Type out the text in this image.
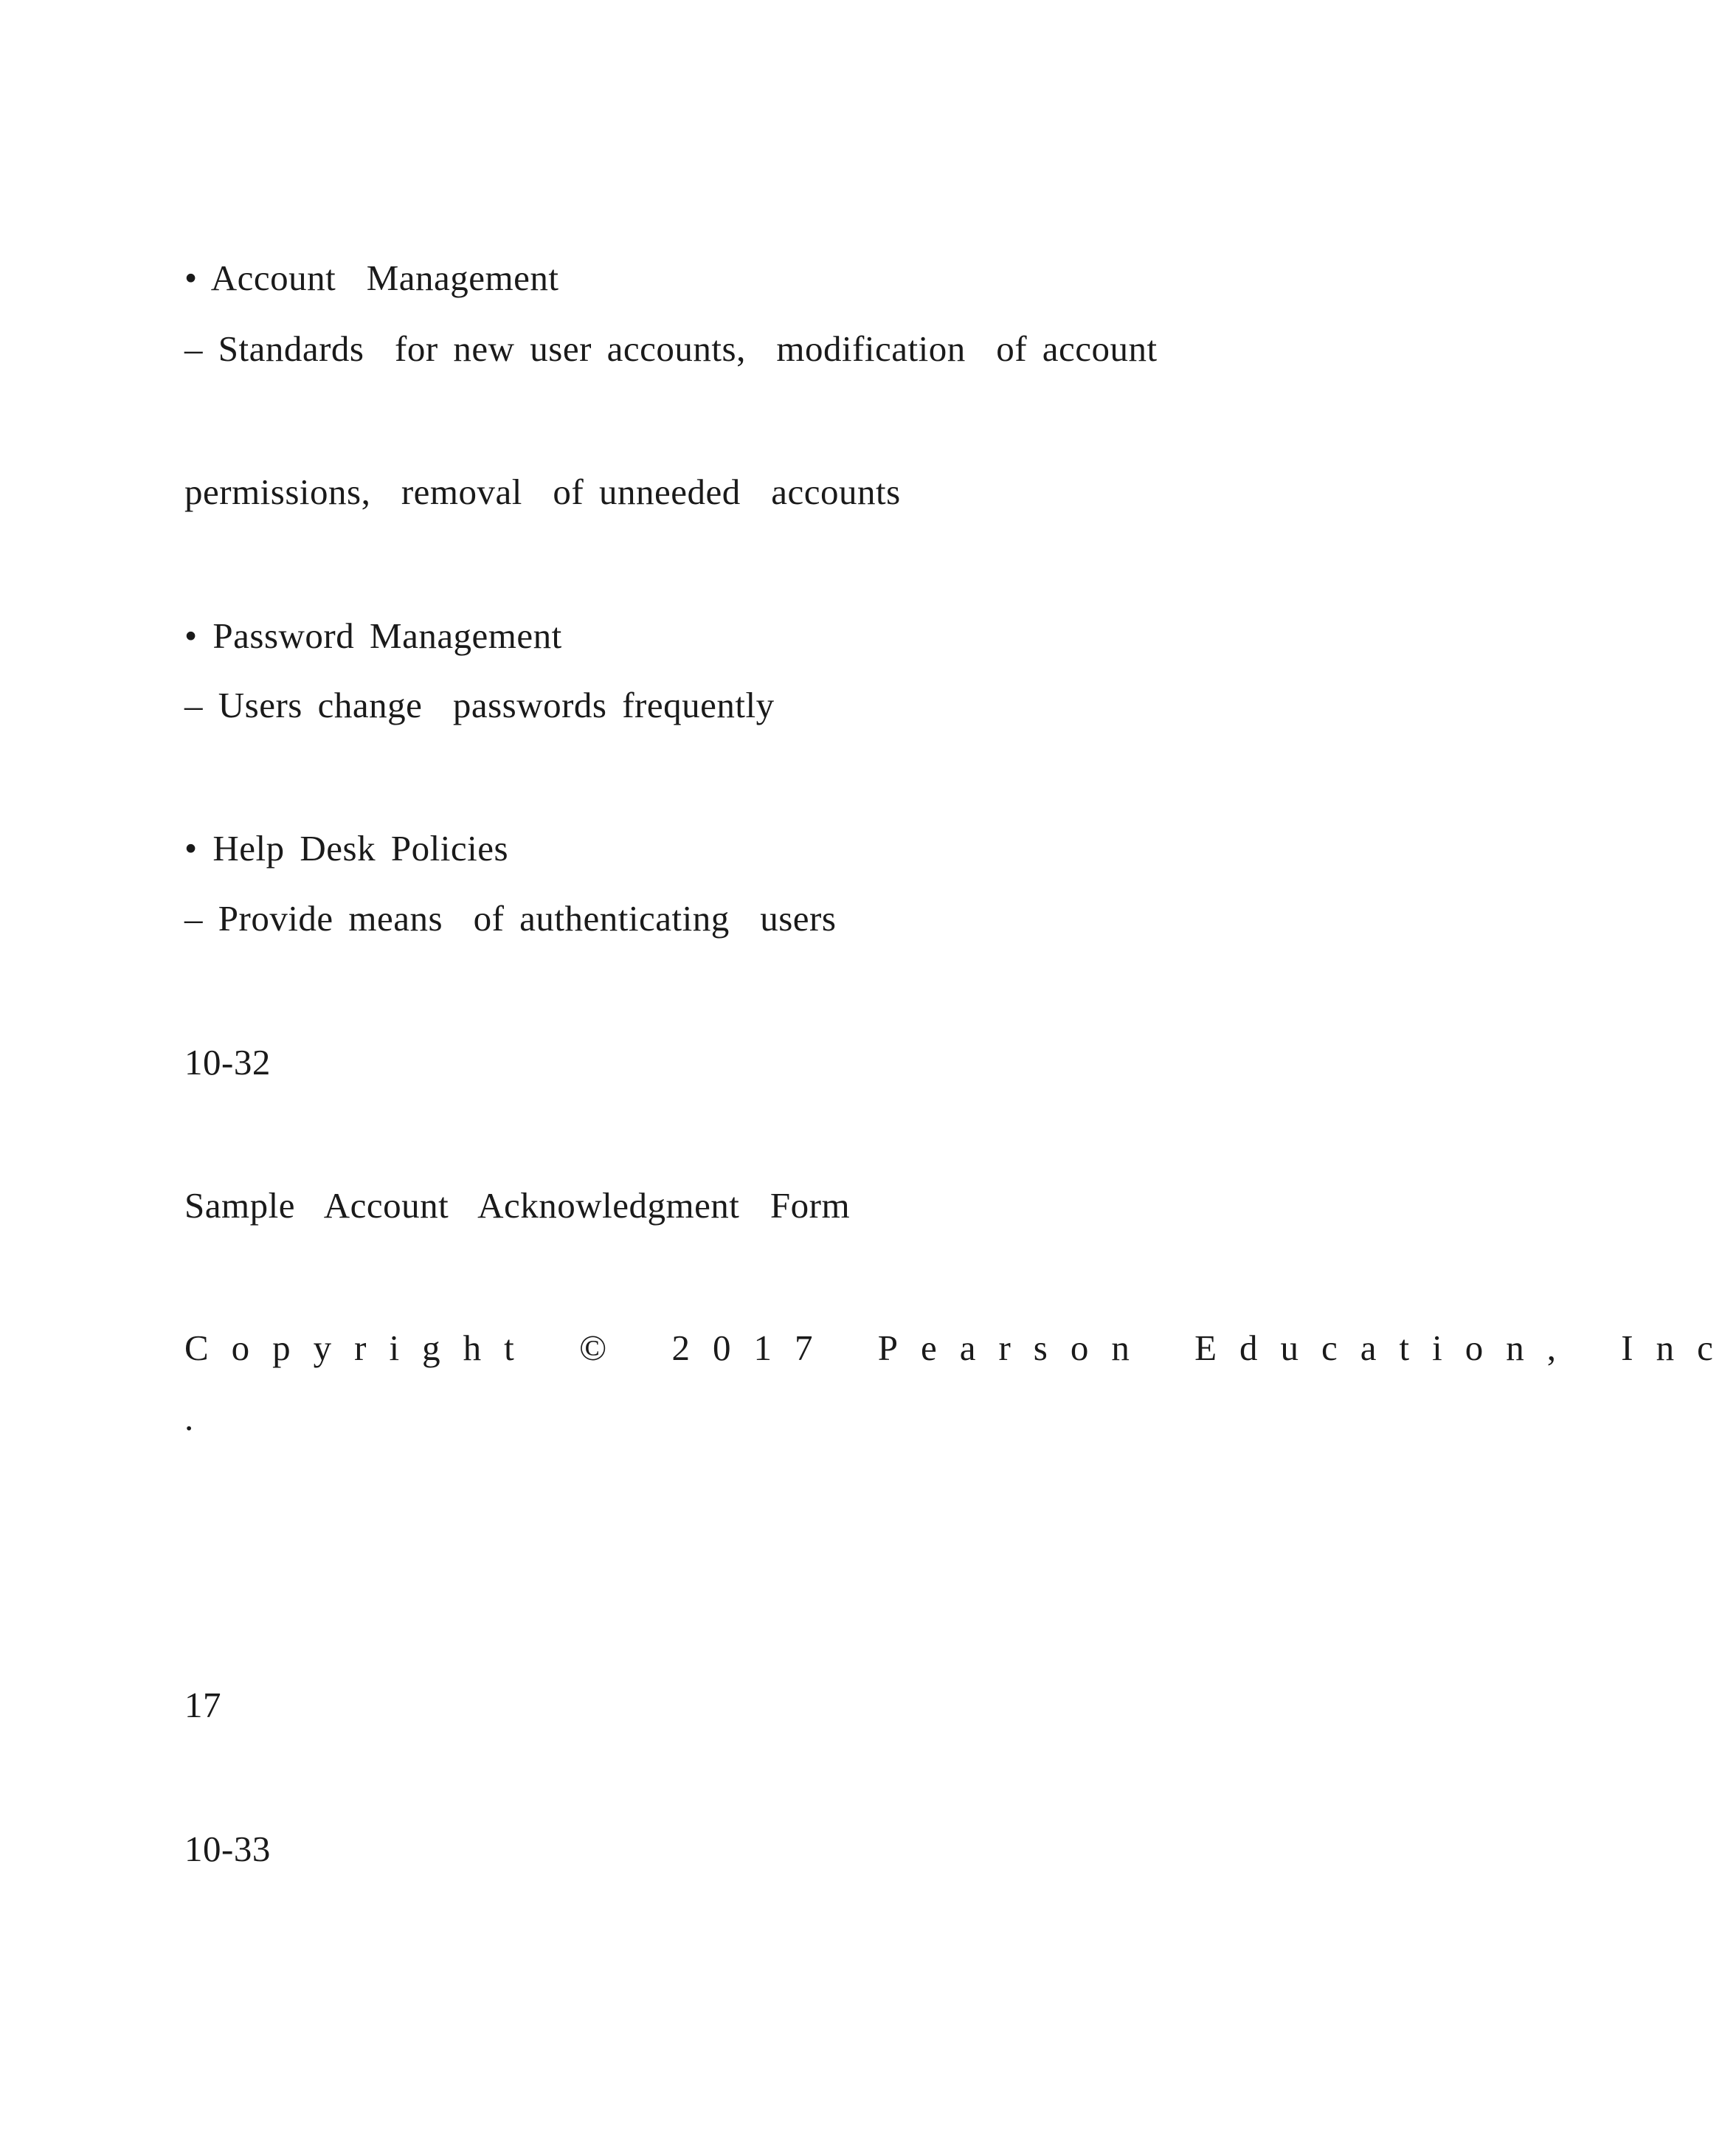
• Account  Management
– Standards  for new user accounts,  modification  of account
permissions,  removal  of unneeded  accounts
• Password Management
– Users change  passwords frequently
• Help Desk Policies
– Provide means  of authenticating  users
10-32
Sample  Account  Acknowledgment  Form
Copyright © 2017 Pearson Education, Inc
.
17
10-33
